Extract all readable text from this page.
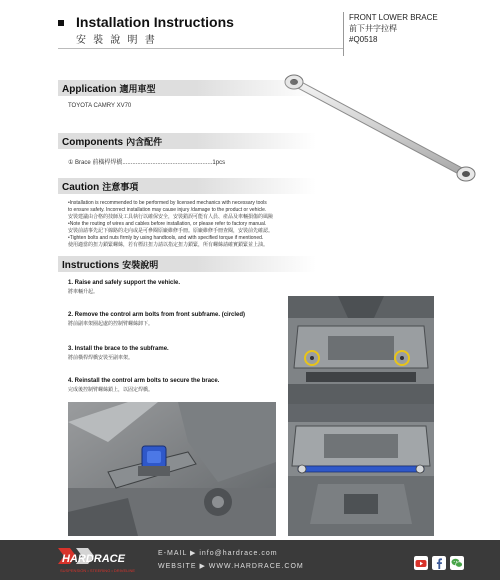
Installation Instructions
安 裝 說 明 書
FRONT LOWER BRACE
前下井字拉桿
#Q0518
Application 適用車型
TOYOTA CAMRY XV70
Components 內含配件
① Brace 前橫桿焊橋......................................................1pcs
Caution 注意事項
•Installation is recommended to be performed by licensed mechanics with necessary tools
to ensure safety. Incorrect installation may cause injury /damage to the product or vehicle.
安裝建議由合格的技師及工具執行以確保安全，安裝錯誤可能有人員、產品及車輛損傷的風險
•Note the routing of wires and cables before installation, or please refer to factory manual.
安裝前請事先記下線路的走向或是可參閱原廠維修手冊。原廠維修手冊查閱，安裝前先確認。
•Tighten bolts and nuts firmly by using handtools, and with specified torque if mentioned.
使用適當的扭力鎖緊螺絲，若有標註扭力請以指定扭力鎖緊，所有螺絲請確實鎖緊並上油。
Instructions 安裝說明
1. Raise and safely support the vehicle.
將車輛升起。
2. Remove the control arm bolts from front subframe. (circled)
將前副車架圈起處的控制臂螺絲卸下。
3. Install the brace to the subframe.
將前橫桿焊橋安裝至副車架。
4. Reinstall the control arm bolts to secure the brace.
完成後控制臂螺絲鎖上，以固定焊橋。
HARDRACE
SUSPENSION • STEERING • DRIVELINE
E-MAIL ▶ info@hardrace.com
WEBSITE ▶ WWW.HARDRACE.COM
